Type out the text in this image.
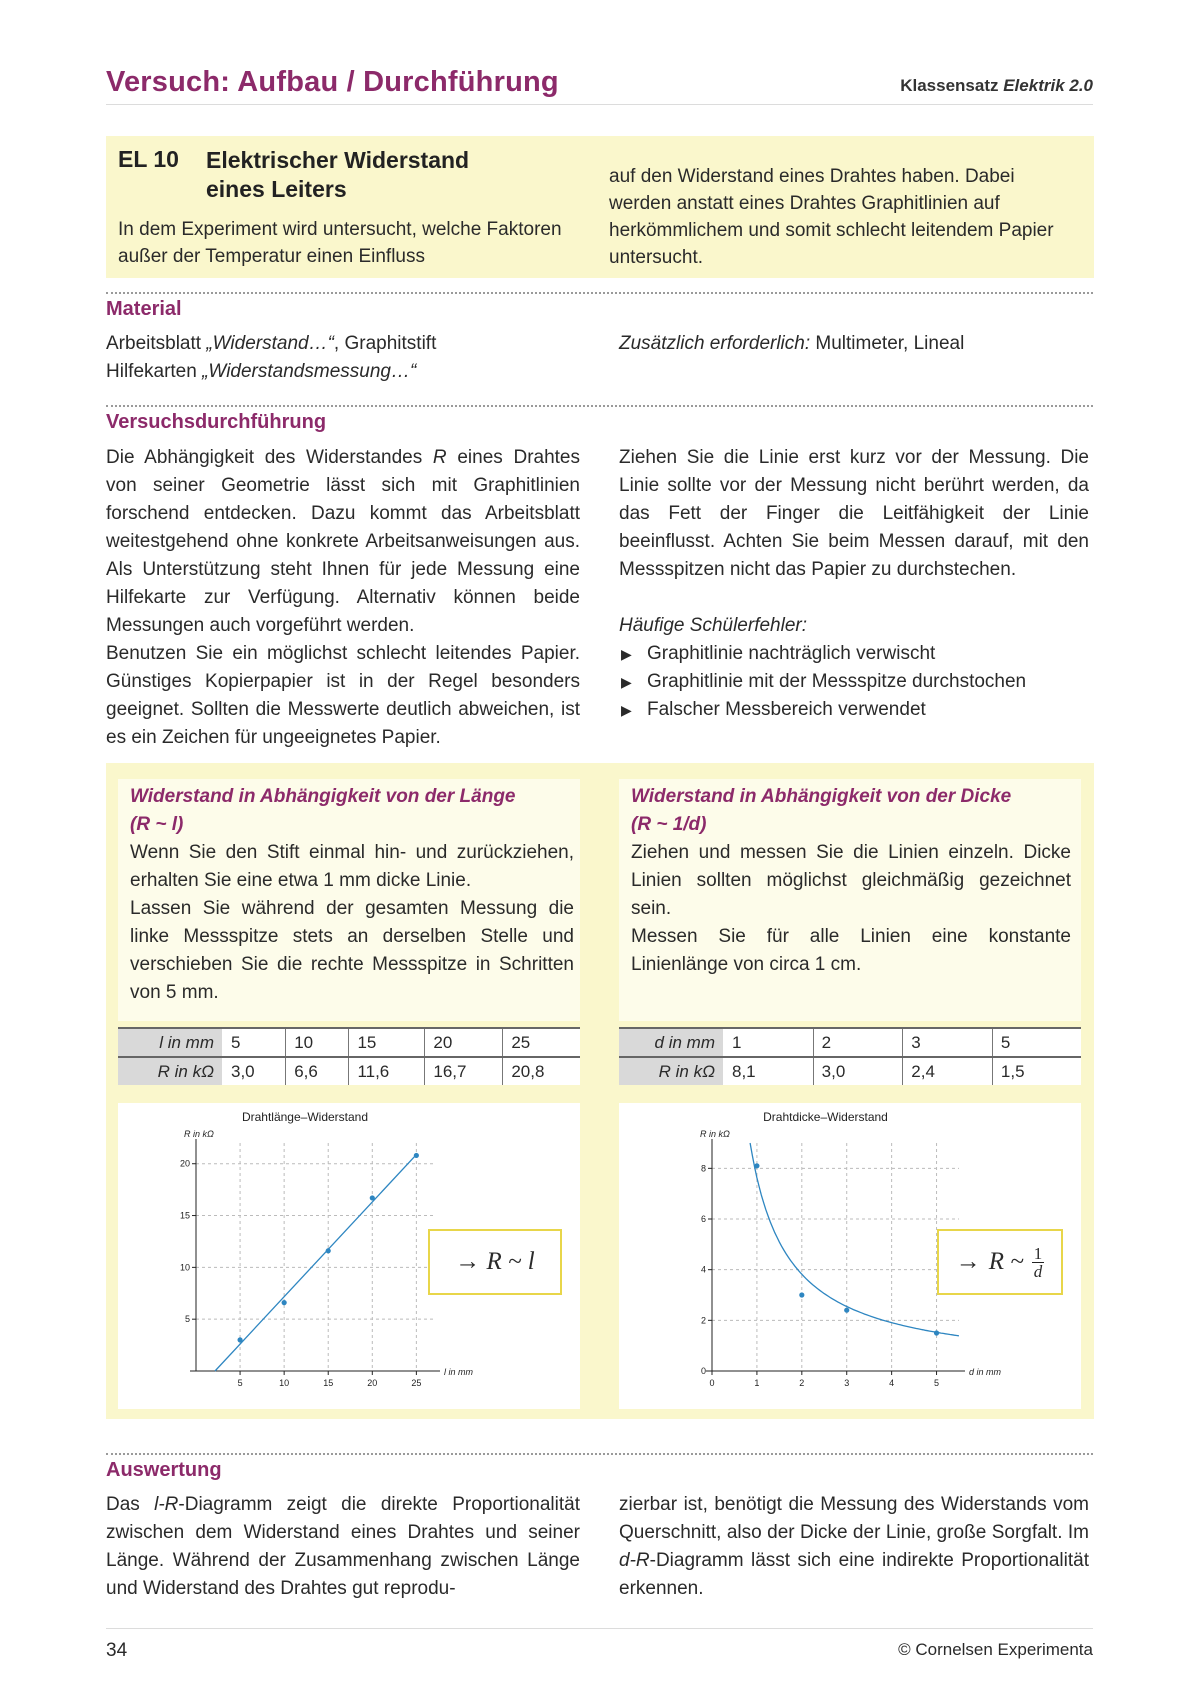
Versuch: Aufbau / Durchführung	Klassensatz Elektrik 2.0
EL 10 Elektrischer Widerstand
eines Leiters
In dem Experiment wird untersucht, welche Faktoren außer der Temperatur einen Einfluss
auf den Widerstand eines Drahtes haben. Dabei werden anstatt eines Drahtes Graphitlinien auf herkömmlichem und somit schlecht leitendem Papier untersucht.
Material
Arbeitsblatt „Widerstand…“, Graphitstift
Hilfekarten „Widerstandsmessung…“
Zusätzlich erforderlich: Multimeter, Lineal
Versuchsdurchführung
Die Abhängigkeit des Widerstandes R eines Drahtes von seiner Geometrie lässt sich mit Graphitlinien forschend entdecken. Dazu kommt das Arbeitsblatt weitestgehend ohne konkrete Arbeitsanweisungen aus. Als Unterstützung steht Ihnen für jede Messung eine Hilfekarte zur Verfügung. Alternativ können beide Messungen auch vorgeführt werden.
Benutzen Sie ein möglichst schlecht leitendes Papier. Günstiges Kopierpapier ist in der Regel besonders geeignet. Sollten die Messwerte deutlich abweichen, ist es ein Zeichen für ungeeignetes Papier.
Ziehen Sie die Linie erst kurz vor der Messung. Die Linie sollte vor der Messung nicht berührt werden, da das Fett der Finger die Leitfähigkeit der Linie beeinflusst. Achten Sie beim Messen darauf, mit den Messspitzen nicht das Papier zu durchstechen.
Häufige Schülerfehler:
▶ Graphitlinie nachträglich verwischt
▶ Graphitlinie mit der Messspitze durchstochen
▶ Falscher Messbereich verwendet
Widerstand in Abhängigkeit von der Länge
(R ~ l)
Wenn Sie den Stift einmal hin- und zurückziehen, erhalten Sie eine etwa 1 mm dicke Linie.
Lassen Sie während der gesamten Messung die linke Messspitze stets an derselben Stelle und verschieben Sie die rechte Messspitze in Schritten von 5 mm.
Widerstand in Abhängigkeit von der Dicke
(R ~ 1/d)
Ziehen und messen Sie die Linien einzeln. Dicke Linien sollten möglichst gleichmäßig gezeichnet sein.
Messen Sie für alle Linien eine konstante Linienlänge von circa 1 cm.
l in mm	5	10	15	20	25
R in kΩ	3,0	6,6	11,6	16,7	20,8
d in mm	1	2	3	5
R in kΩ	8,1	3,0	2,4	1,5
Drahtlänge–Widerstand
R in kΩ
l in mm
5	10	15	20	25
5
10
15
20
→ R ~ l
Drahtdicke–Widerstand
R in kΩ
d in mm
0	1	2	3	4	5
0
2
4
6
8
→ R ~ 1
d
Auswertung
Das l-R-Diagramm zeigt die direkte Proportionalität zwischen dem Widerstand eines Drahtes und seiner Länge. Während der Zusammenhang zwischen Länge und Widerstand des Drahtes gut reprodu-
zierbar ist, benötigt die Messung des Widerstands vom Querschnitt, also der Dicke der Linie, große Sorgfalt. Im d-R-Diagramm lässt sich eine indirekte Proportionalität erkennen.
34	© Cornelsen Experimenta
